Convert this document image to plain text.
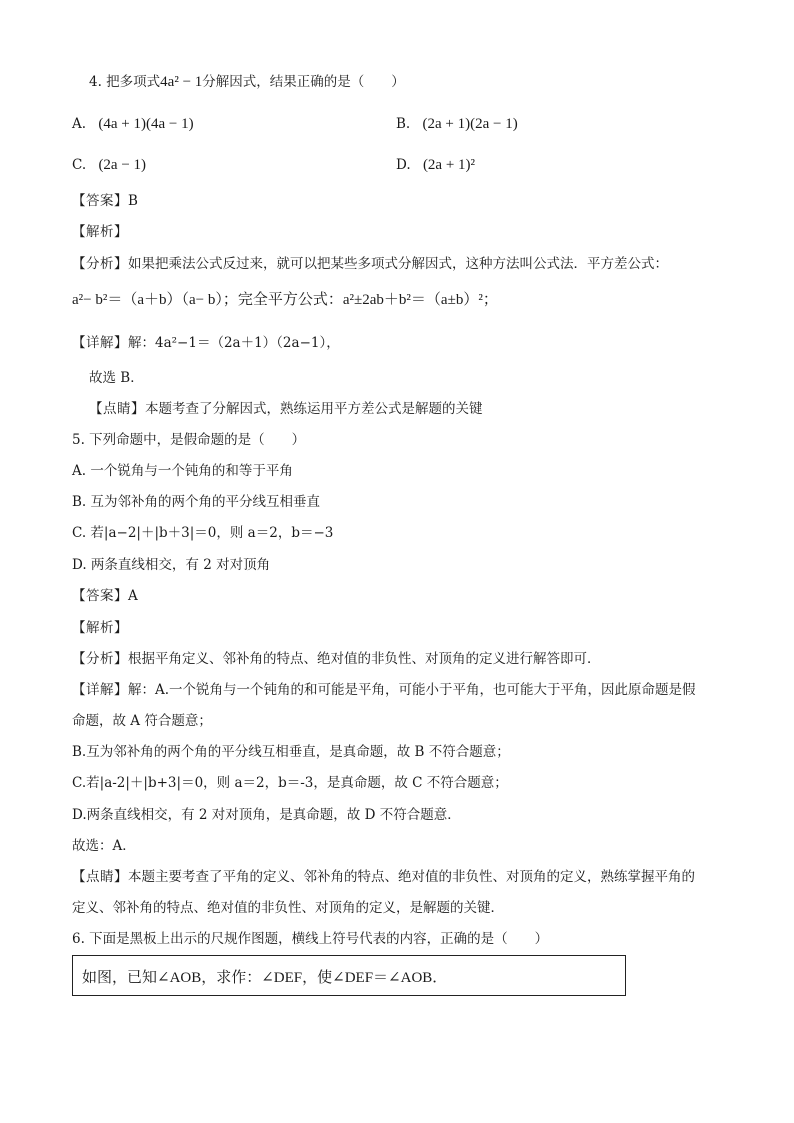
4. 把多项式4a² − 1分解因式，结果正确的是（　　）
A. (4a + 1)(4a − 1)	B. (2a + 1)(2a − 1)
C. (2a − 1)	D. (2a + 1)²
【答案】B
【解析】
【分析】如果把乘法公式反过来，就可以把某些多项式分解因式，这种方法叫公式法．平方差公式：
a²− b²＝（a＋b）（a− b）；完全平方公式：a²±2ab＋b²＝（a±b）²；
【详解】解：4a²−1＝（2a＋1）（2a−1），
故选 B．
【点睛】本题考查了分解因式，熟练运用平方差公式是解题的关键
5. 下列命题中，是假命题的是（　　）
A. 一个锐角与一个钝角的和等于平角
B. 互为邻补角的两个角的平分线互相垂直
C. 若|a−2|＋|b＋3|＝0，则 a＝2，b＝−3
D. 两条直线相交，有 2 对对顶角
【答案】A
【解析】
【分析】根据平角定义、邻补角的特点、绝对值的非负性、对顶角的定义进行解答即可．
【详解】解：A.一个锐角与一个钝角的和可能是平角，可能小于平角，也可能大于平角，因此原命题是假
命题，故 A 符合题意；
B.互为邻补角的两个角的平分线互相垂直，是真命题，故 B 不符合题意；
C.若|a-2|＋|b+3|＝0，则 a＝2，b＝-3，是真命题，故 C 不符合题意；
D.两条直线相交，有 2 对对顶角，是真命题，故 D 不符合题意．
故选：A．
【点睛】本题主要考查了平角的定义、邻补角的特点、绝对值的非负性、对顶角的定义，熟练掌握平角的
定义、邻补角的特点、绝对值的非负性、对顶角的定义，是解题的关键．
6. 下面是黑板上出示的尺规作图题，横线上符号代表的内容，正确的是（　　）
如图，已知∠AOB，求作：∠DEF，使∠DEF＝∠AOB．
